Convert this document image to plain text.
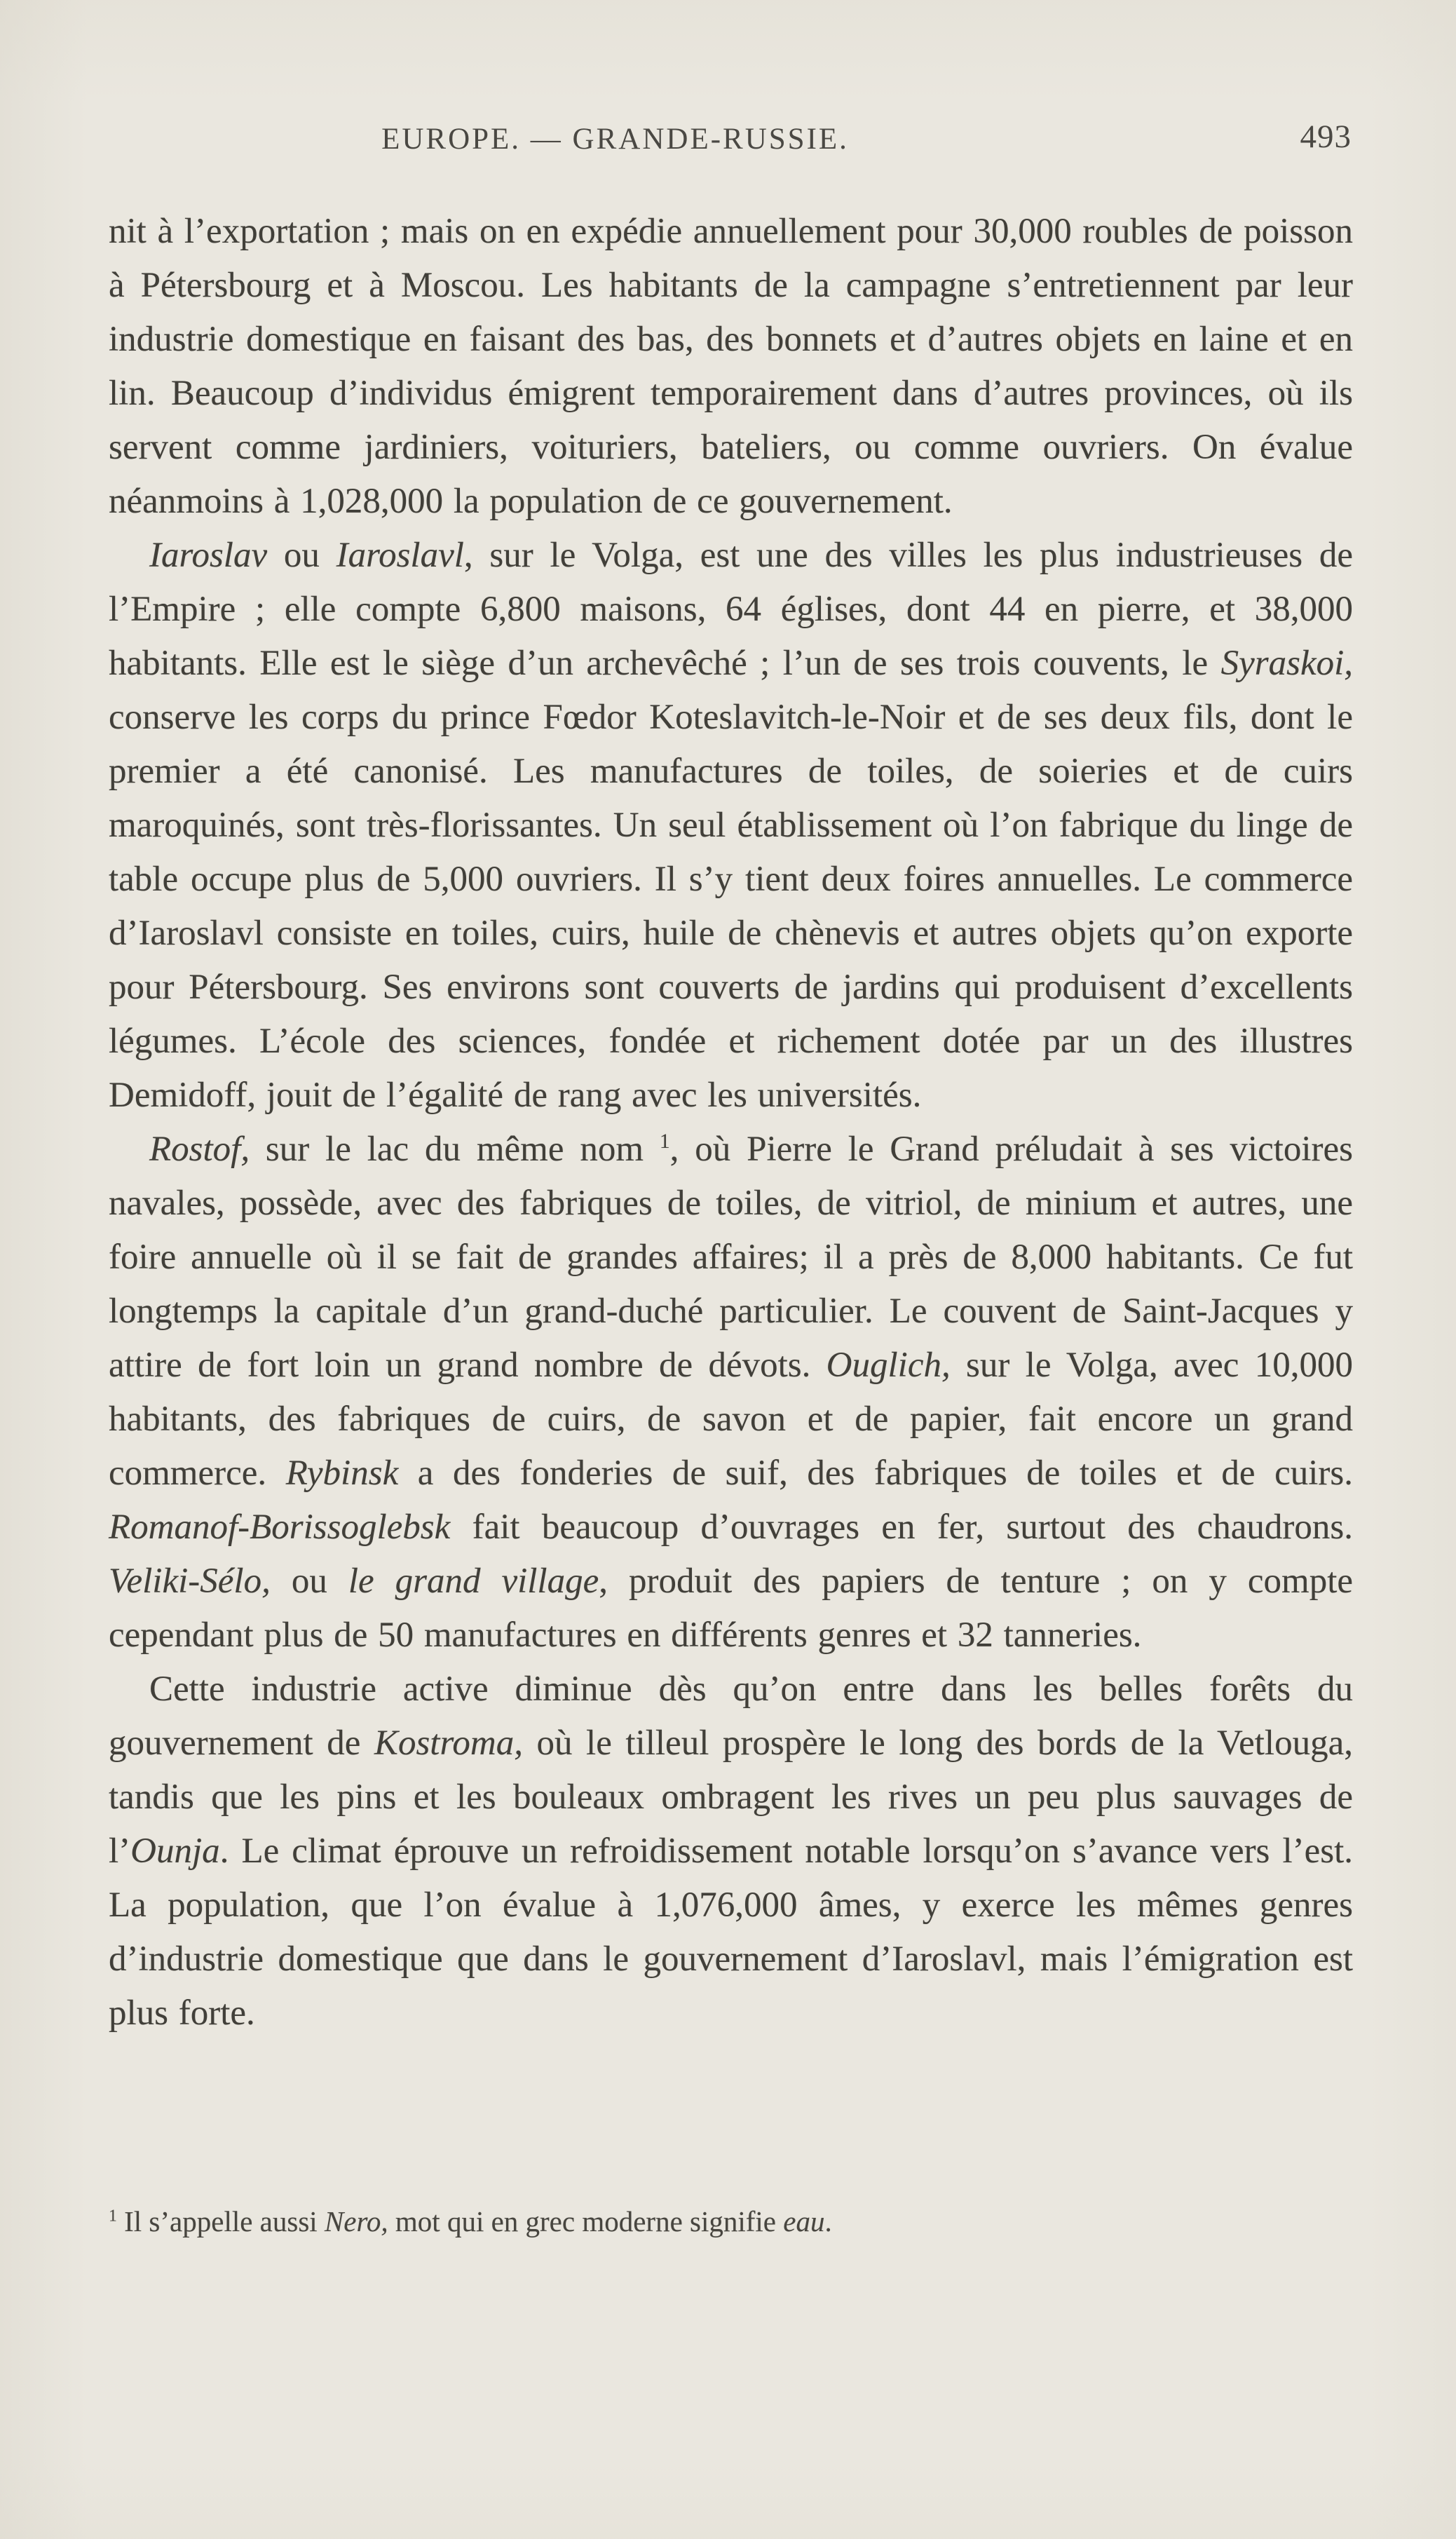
EUROPE. — GRANDE-RUSSIE.	493

nit à l’exportation ; mais on en expédie annuellement pour 30,000 roubles de poisson à Pétersbourg et à Moscou. Les habitants de la campagne s’entretiennent par leur industrie domestique en faisant des bas, des bonnets et d’autres objets en laine et en lin. Beaucoup d’individus émigrent temporairement dans d’autres provinces, où ils servent comme jardiniers, voituriers, bateliers, ou comme ouvriers. On évalue néanmoins à 1,028,000 la population de ce gouvernement.

Iaroslav ou Iaroslavl, sur le Volga, est une des villes les plus industrieuses de l’Empire ; elle compte 6,800 maisons, 64 églises, dont 44 en pierre, et 38,000 habitants. Elle est le siège d’un archevêché ; l’un de ses trois couvents, le Syraskoi, conserve les corps du prince Fœdor Koteslavitch-le-Noir et de ses deux fils, dont le premier a été canonisé. Les manufactures de toiles, de soieries et de cuirs maroquinés, sont très-florissantes. Un seul établissement où l’on fabrique du linge de table occupe plus de 5,000 ouvriers. Il s’y tient deux foires annuelles. Le commerce d’Iaroslavl consiste en toiles, cuirs, huile de chènevis et autres objets qu’on exporte pour Pétersbourg. Ses environs sont couverts de jardins qui produisent d’excellents légumes. L’école des sciences, fondée et richement dotée par un des illustres Demidoff, jouit de l’égalité de rang avec les universités.

Rostof, sur le lac du même nom $^1$, où Pierre le Grand préludait à ses victoires navales, possède, avec des fabriques de toiles, de vitriol, de minium et autres, une foire annuelle où il se fait de grandes affaires; il a près de 8,000 habitants. Ce fut longtemps la capitale d’un grand-duché particulier. Le couvent de Saint-Jacques y attire de fort loin un grand nombre de dévots. Ouglich, sur le Volga, avec 10,000 habitants, des fabriques de cuirs, de savon et de papier, fait encore un grand commerce. Rybinsk a des fonderies de suif, des fabriques de toiles et de cuirs. Romanof-Borissoglebsk fait beaucoup d’ouvrages en fer, surtout des chaudrons. Veliki-Sélo, ou le grand village, produit des papiers de tenture ; on y compte cependant plus de 50 manufactures en différents genres et 32 tanneries.

Cette industrie active diminue dès qu’on entre dans les belles forêts du gouvernement de Kostroma, où le tilleul prospère le long des bords de la Vetlouga, tandis que les pins et les bouleaux ombragent les rives un peu plus sauvages de l’Ounja. Le climat éprouve un refroidissement notable lorsqu’on s’avance vers l’est. La population, que l’on évalue à 1,076,000 âmes, y exerce les mêmes genres d’industrie domestique que dans le gouvernement d’Iaroslavl, mais l’émigration est plus forte.

$^1$ Il s’appelle aussi Nero, mot qui en grec moderne signifie eau.
